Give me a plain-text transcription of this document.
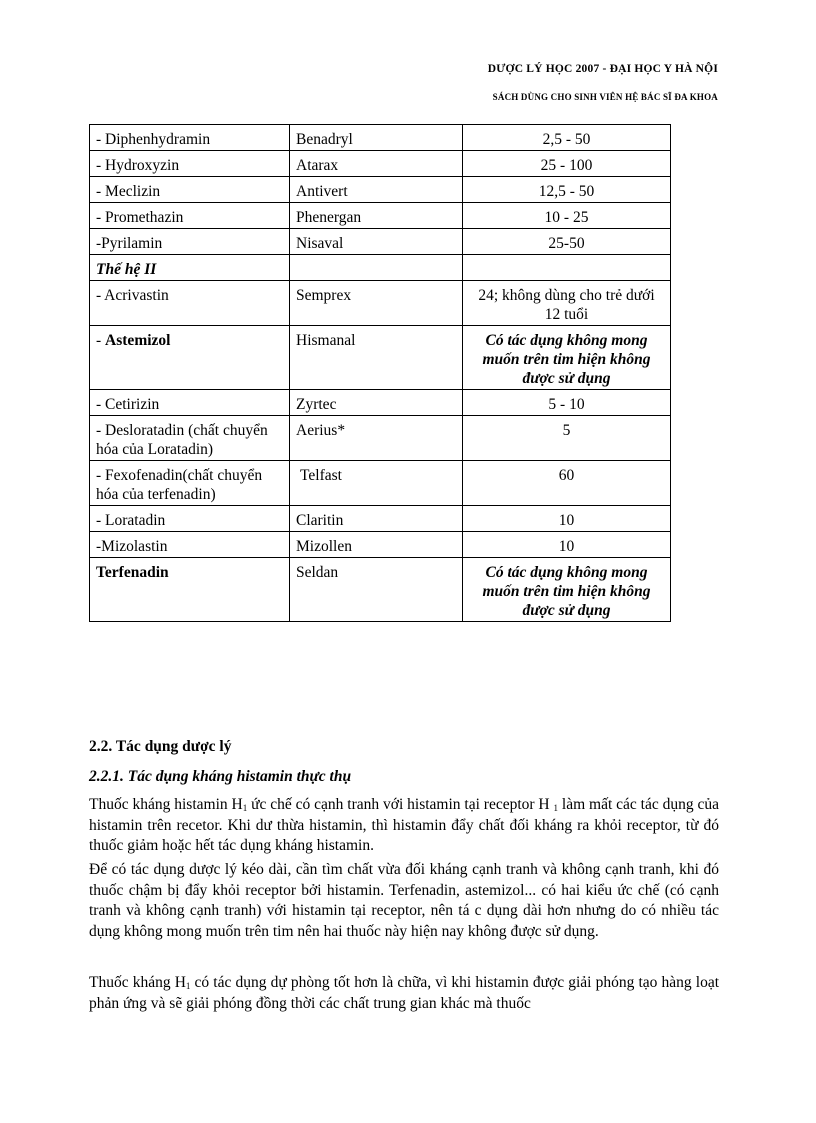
DƯỢC LÝ HỌC 2007 - ĐẠI HỌC Y HÀ NỘI
SÁCH DÙNG CHO SINH VIÊN HỆ BÁC SĨ ĐA KHOA
- Diphenhydramin	Benadryl	2,5 - 50
- Hydroxyzin	Atarax	25 - 100
- Meclizin	Antivert	12,5 - 50
- Promethazin	Phenergan	10 - 25
-Pyrilamin	Nisaval	25-50
Thế hệ II		
- Acrivastin	Semprex	24; không dùng cho trẻ dưới 12 tuổi
- Astemizol	Hismanal	Có tác dụng không mong muốn trên tim hiện không được sử dụng
- Cetirizin	Zyrtec	5 - 10
- Desloratadin (chất chuyển hóa của Loratadin)	Aerius*	5
- Fexofenadin(chất chuyển hóa của terfenadin)	Telfast	60
- Loratadin	Claritin	10
-Mizolastin	Mizollen	10
Terfenadin	Seldan	Có tác dụng không mong muốn trên tim hiện không được sử dụng
2.2. Tác dụng dược lý
2.2.1. Tác dụng kháng histamin thực thụ
Thuốc kháng histamin $H_1$ ức chế có cạnh tranh với histamin tại receptor H $_1$ làm mất các tác dụng của histamin trên recetor. Khi dư thừa histamin, thì histamin đẩy chất đối kháng ra khỏi receptor, từ đó thuốc giảm hoặc hết tác dụng kháng histamin.
Để có tác dụng dược lý kéo dài, cần tìm chất vừa đối kháng cạnh tranh và không cạnh tranh, khi đó thuốc chậm bị đẩy khỏi receptor bởi histamin. Terfenadin, astemizol... có hai kiểu ức chế (có cạnh tranh và không cạnh tranh) với histamin tại receptor, nên tá c dụng dài hơn nhưng do có nhiều tác dụng không mong muốn trên tim nên hai thuốc này hiện nay không được sử dụng.
Thuốc kháng $H_1$ có tác dụng dự phòng tốt hơn là chữa, vì khi histamin được giải phóng tạo hàng loạt phản ứng và sẽ giải phóng đồng thời các chất trung gian khác mà thuốc
